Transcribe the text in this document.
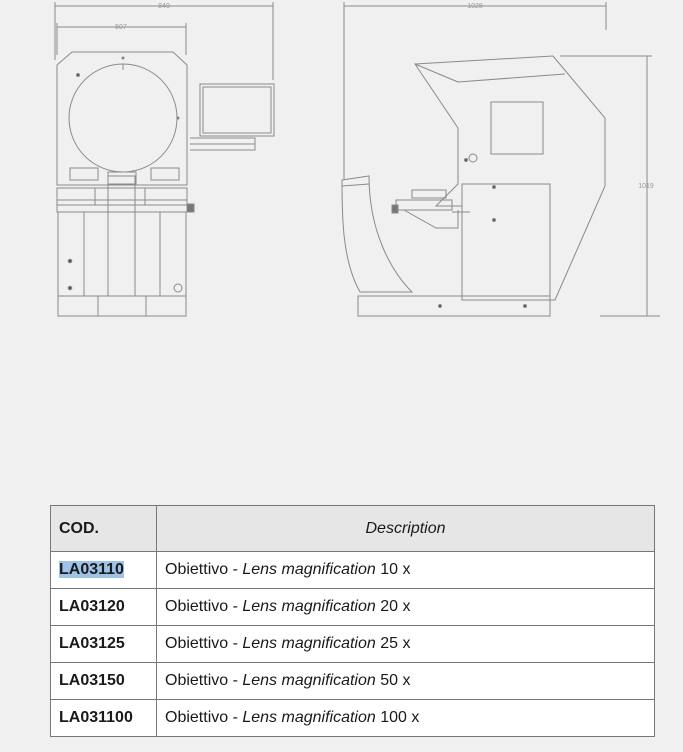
849
507
1028
1019
COD.	Description
LA03110	Obiettivo - Lens magnification 10 x
LA03120	Obiettivo - Lens magnification 20 x
LA03125	Obiettivo - Lens magnification 25 x
LA03150	Obiettivo - Lens magnification 50 x
LA031100	Obiettivo - Lens magnification 100 x
